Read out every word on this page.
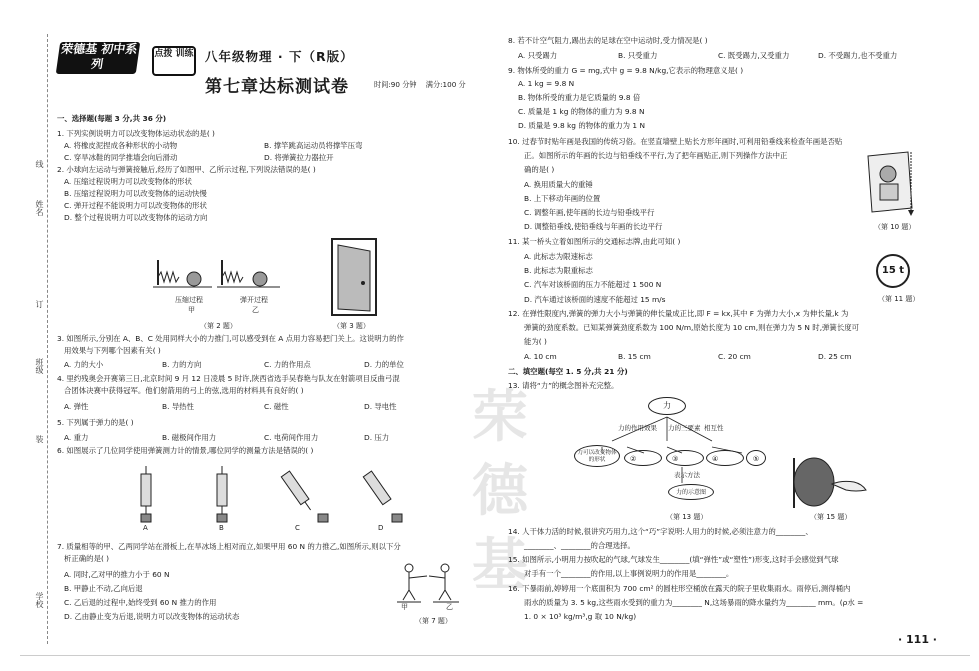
姓名
线
订
班级
装
学校
荣德基 初中系列
点拨 训练 八年级物理 · 下（R版）
第七章达标测试卷	时间:90 分钟 满分:100 分
一、选择题(每题 3 分,共 36 分)
1. 下列实例说明力可以改变物体运动状态的是( )
A. 将橡皮泥捏成各种形状的小动物	B. 撑竿跳高运动员将撑竿压弯
C. 穿旱冰鞋的同学推墙会向后滑动	D. 将弹簧拉力器拉开
2. 小球向左运动与弹簧接触后,经历了如图甲、乙所示过程,下列说法错误的是( )
A. 压缩过程说明力可以改变物体的形状
B. 压缩过程说明力可以改变物体的运动快慢
C. 弹开过程不能说明力可以改变物体的形状
D. 整个过程说明力可以改变物体的运动方向
压缩过程	弹开过程
甲	乙
（第 2 题）	（第 3 题）
3. 如图所示,分别在 A、B、C 处用同样大小的力推门,可以感受到在 A 点用力容易把门关上。这说明力的作
用效果与下列哪个因素有关( )
A. 力的大小	B. 力的方向	C. 力的作用点	D. 力的单位
4. 里约残奥会开赛第三日,北京时间 9 月 12 日凌晨 5 时许,陕西省选手吴春艳与队友在射箭项目反曲弓混
合团体决赛中获得冠军。他们射箭用的弓上的弦,选用的材料具有良好的( )
A. 弹性	B. 导热性	C. 磁性	D. 导电性
5. 下列属于弹力的是( )
A. 重力	B. 磁极间作用力	C. 电荷间作用力	D. 压力
6. 如图展示了几位同学使用弹簧测力计的情景,哪位同学的测量方法是错误的( )
A	B	C	D
7. 质量相等的甲、乙两同学站在滑板上,在旱冰场上相对而立,如果甲用 60 N 的力推乙,如图所示,则以下分
析正确的是( )
A. 同时,乙对甲的推力小于 60 N
B. 甲静止不动,乙向后退
C. 乙后退的过程中,始终受到 60 N 推力的作用
D. 乙由静止变为后退,说明力可以改变物体的运动状态
甲	乙
（第 7 题）
荣德基
8. 若不计空气阻力,踢出去的足球在空中运动时,受力情况是( )
A. 只受踢力	B. 只受重力	C. 既受踢力,又受重力	D. 不受踢力,也不受重力
9. 物体所受的重力 G = mg,式中 g = 9.8 N/kg,它表示的物理意义是( )
A. 1 kg = 9.8 N
B. 物体所受的重力是它质量的 9.8 倍
C. 质量是 1 kg 的物体的重力为 9.8 N
D. 质量是 9.8 kg 的物体的重力为 1 N
10. 过春节时贴年画是我国的传统习俗。在竖直墙壁上贴长方形年画时,可利用铅垂线来检查年画是否贴
正。如图所示的年画的长边与铅垂线不平行,为了把年画贴正,则下列操作方法中正
确的是( )
A. 换用质量大的重锤
B. 上下移动年画的位置
C. 调整年画,使年画的长边与铅垂线平行
D. 调整铅垂线,使铅垂线与年画的长边平行	（第 10 题）
11. 某一桥头立着如图所示的交通标志牌,由此可知( )
A. 此标志为限速标志
B. 此标志为限重标志
C. 汽车对该桥面的压力不能超过 1 500 N
D. 汽车通过该桥面的速度不能超过 15 m/s
15 t
（第 11 题）
12. 在弹性限度内,弹簧的弹力大小与弹簧的伸长量成正比,即 F = kx,其中 F 为弹力大小,x 为伸长量,k 为
弹簧的劲度系数。已知某弹簧劲度系数为 100 N/m,原始长度为 10 cm,则在弹力为 5 N 时,弹簧长度可
能为( )
A. 10 cm	B. 15 cm	C. 20 cm	D. 25 cm
二、填空题(每空 1. 5 分,共 21 分)
13. 请将“力”的概念图补充完整。
力
力的作用效果 力的三要素 相互性
力可以改变物体的形状	②	③	④	⑤
表示方法
力的示意图
（第 13 题）	（第 15 题）
14. 人干体力活的时候,很讲究巧用力,这个“巧”字说明:人用力的时候,必须注意力的________、
________、________的合理选择。
15. 如图所示,小明用力按吹起的气球,气球发生________(填“弹性”或“塑性”)形变,这时手会感觉到气球
对手有一个________的作用,以上事例说明力的作用是________。
16. 下暴雨前,婷婷用一个底面积为 700 cm² 的圆柱形空桶放在露天的院子里收集雨水。雨停后,测得桶内
雨水的质量为 3. 5 kg,这些雨水受到的重力为________ N,这场暴雨的降水量约为________ mm。(ρ水 =
1. 0 × 10³ kg/m³,g 取 10 N/kg)
· 111 ·
